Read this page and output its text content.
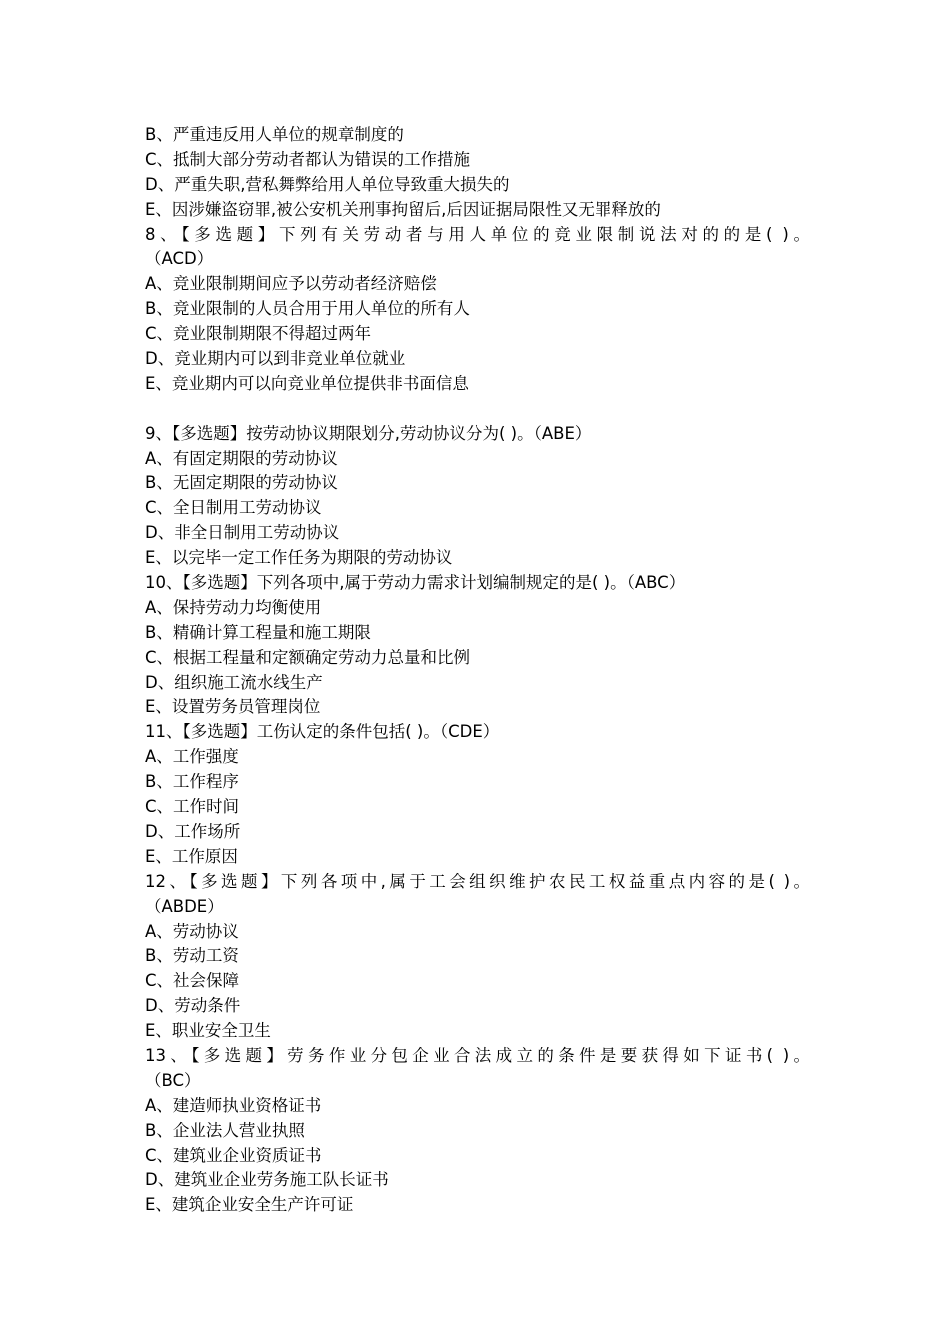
B、严重违反用人单位的规章制度的
C、抵制大部分劳动者都认为错误的工作措施
D、严重失职,营私舞弊给用人单位导致重大损失的
E、因涉嫌盗窃罪,被公安机关刑事拘留后,后因证据局限性又无罪释放的
8、【多选题】下列有关劳动者与用人单位的竞业限制说法对的的是( )。
（ACD）
A、竞业限制期间应予以劳动者经济赔偿
B、竞业限制的人员合用于用人单位的所有人
C、竞业限制期限不得超过两年
D、竞业期内可以到非竞业单位就业
E、竞业期内可以向竞业单位提供非书面信息
9、【多选题】按劳动协议期限划分,劳动协议分为( )。（ABE）
A、有固定期限的劳动协议
B、无固定期限的劳动协议
C、全日制用工劳动协议
D、非全日制用工劳动协议
E、以完毕一定工作任务为期限的劳动协议
10、【多选题】下列各项中,属于劳动力需求计划编制规定的是( )。（ABC）
A、保持劳动力均衡使用
B、精确计算工程量和施工期限
C、根据工程量和定额确定劳动力总量和比例
D、组织施工流水线生产
E、设置劳务员管理岗位
11、【多选题】工伤认定的条件包括( )。（CDE）
A、工作强度
B、工作程序
C、工作时间
D、工作场所
E、工作原因
12、【多选题】下列各项中,属于工会组织维护农民工权益重点内容的是( )。
（ABDE）
A、劳动协议
B、劳动工资
C、社会保障
D、劳动条件
E、职业安全卫生
13、【多选题】劳务作业分包企业合法成立的条件是要获得如下证书( )。
（BC）
A、建造师执业资格证书
B、企业法人营业执照
C、建筑业企业资质证书
D、建筑业企业劳务施工队长证书
E、建筑企业安全生产许可证
